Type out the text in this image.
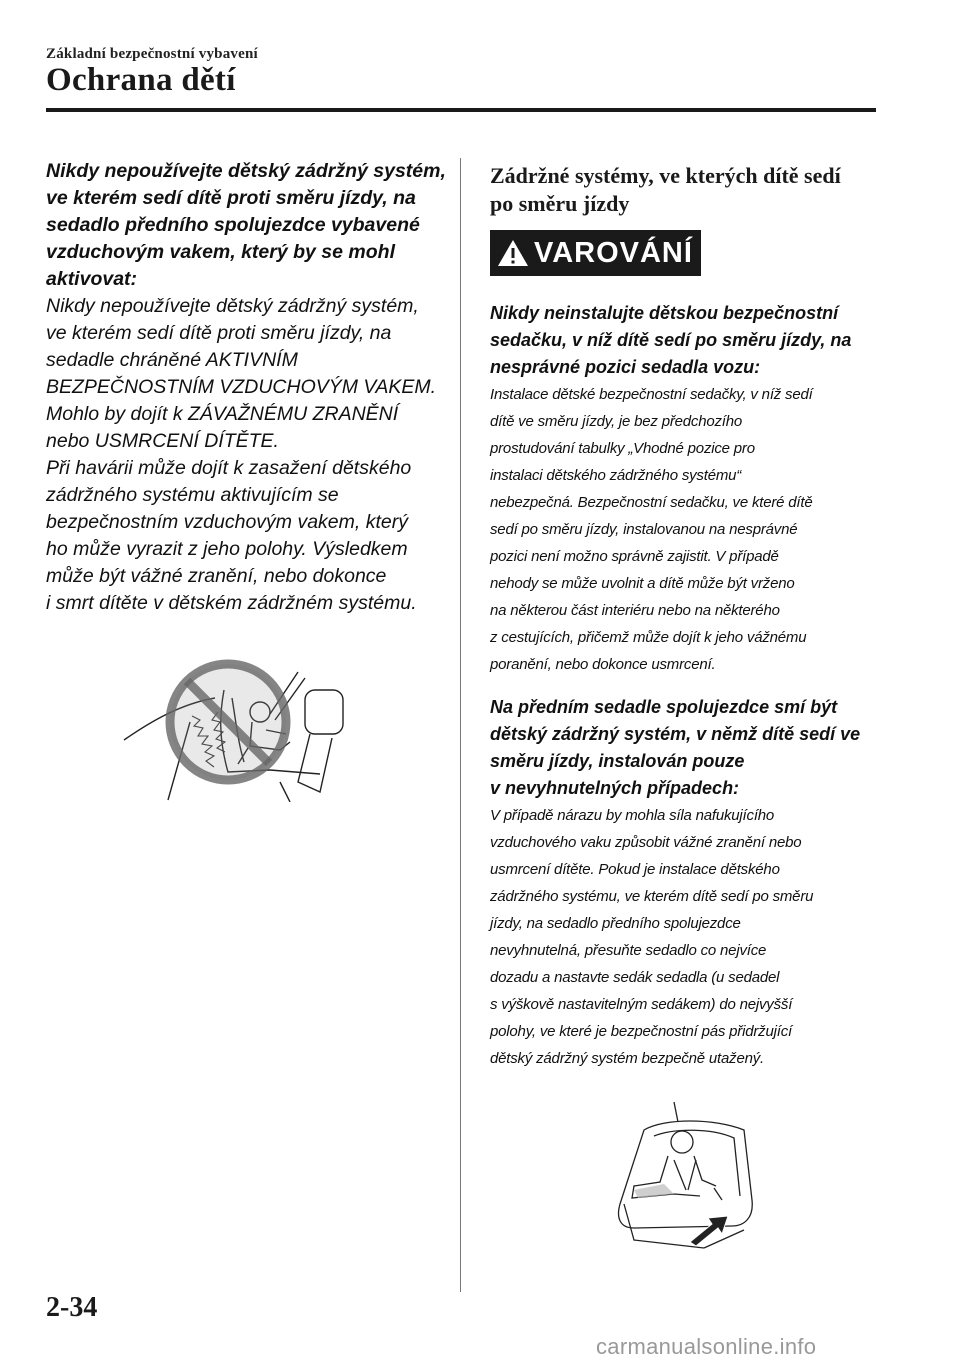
Základní bezpečnostní vybavení
Ochrana dětí

Nikdy nepoužívejte dětský zádržný systém,

ve kterém sedí dítě proti směru jízdy, na

sedadlo předního spolujezdce vybavené

vzduchovým vakem, který by se mohl

aktivovat:

Nikdy nepoužívejte dětský zádržný systém,

ve kterém sedí dítě proti směru jízdy, na

sedadle chráněné AKTIVNÍM

BEZPEČNOSTNÍM VZDUCHOVÝM VAKEM.

Mohlo by dojít k ZÁVAŽNÉMU ZRANĚNÍ

nebo USMRCENÍ DÍTĚTE.

Při havárii může dojít k zasažení dětského

zádržného systému aktivujícím se

bezpečnostním vzduchovým vakem, který

ho může vyrazit z jeho polohy. Výsledkem

může být vážné zranění, nebo dokonce

i smrt dítěte v dětském zádržném systému.

Zádržné systémy, ve kterých dítě sedí

po směru jízdy

VAROVÁNÍ

Nikdy neinstalujte dětskou bezpečnostní

sedačku, v níž dítě sedí po směru jízdy, na

nesprávné pozici sedadla vozu:

Instalace dětské bezpečnostní sedačky, v níž sedí

dítě ve směru jízdy, je bez předchozího

prostudování tabulky „Vhodné pozice pro

instalaci dětského zádržného systému“

nebezpečná. Bezpečnostní sedačku, ve které dítě

sedí po směru jízdy, instalovanou na nesprávné

pozici není možno správně zajistit. V případě

nehody se může uvolnit a dítě může být vrženo

na některou část interiéru nebo na některého

z cestujících, přičemž může dojít k jeho vážnému

poranění, nebo dokonce usmrcení.

Na předním sedadle spolujezdce smí být

dětský zádržný systém, v němž dítě sedí ve

směru jízdy, instalován pouze

v nevyhnutelných případech:

V případě nárazu by mohla síla nafukujícího

vzduchového vaku způsobit vážné zranění nebo

usmrcení dítěte. Pokud je instalace dětského

zádržného systému, ve kterém dítě sedí po směru

jízdy, na sedadlo předního spolujezdce

nevyhnutelná, přesuňte sedadlo co nejvíce

dozadu a nastavte sedák sedadla (u sedadel

s výškově nastavitelným sedákem) do nejvyšší

polohy, ve které je bezpečnostní pás přidržující

dětský zádržný systém bezpečně utažený.

2-34
carmanualsonline.info
